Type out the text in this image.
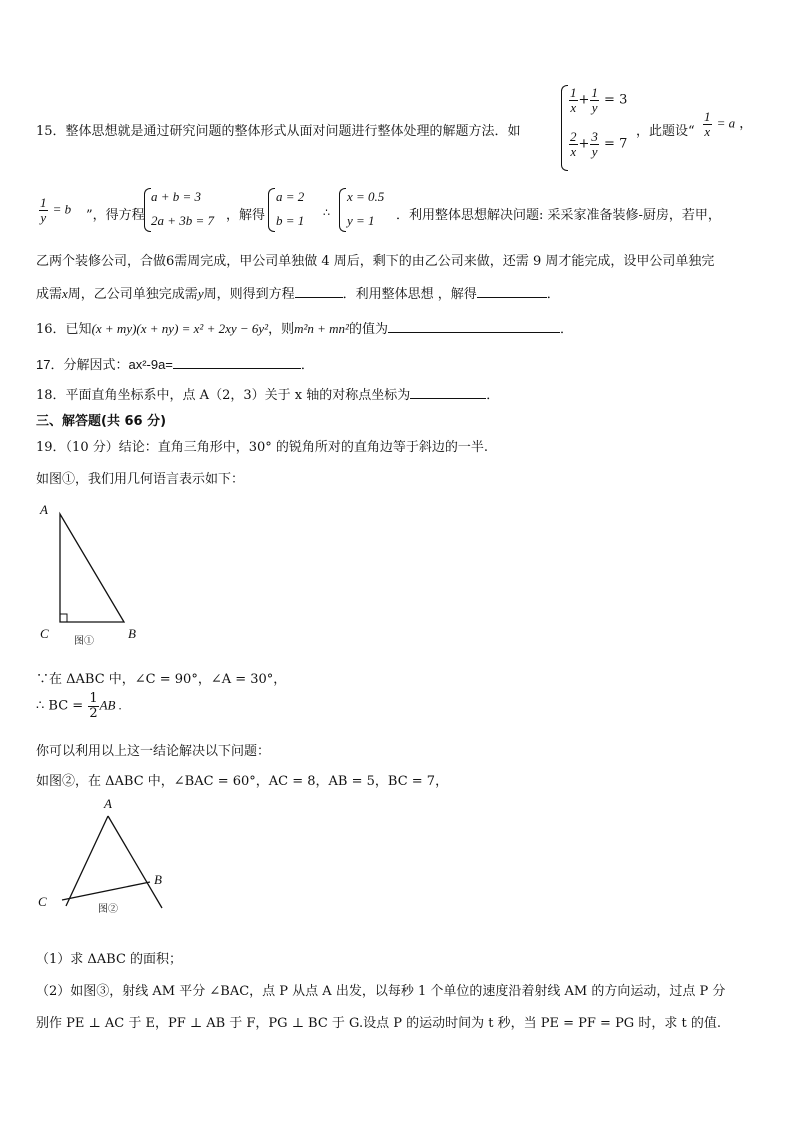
15．整体思想就是通过研究问题的整体形式从面对问题进行整体处理的解题方法．如
$\frac{1}{x} + \frac{1}{y} = 3$
$\frac{2}{x} + \frac{3}{y} = 7$
，此题设“ $\frac{1}{x} = a$ ，
$\frac{1}{y} = b$ ”，得方程
a + b = 3
2a + 3b = 7 ，解得
a = 2
b = 1
∴
x = 0.5
y = 1 ．利用整体思想解决问题: 采采家准备装修-厨房，若甲，
乙两个装修公司，合做6需周完成，甲公司单独做 4 周后，剩下的由乙公司来做，还需 9 周才能完成，设甲公司单独完
成需x周，乙公司单独完成需y周，则得到方程	．利用整体思想 ，解得	．
16．已知(x + my)(x + ny) = x² + 2xy − 6y²，则m²n + mn²的值为	．
17．分解因式：ax²-9a=	．
18．平面直角坐标系中，点 A（2，3）关于 x 轴的对称点坐标为	．
三、解答题(共 66 分)
19．（10 分）结论：直角三角形中，30° 的锐角所对的直角边等于斜边的一半.
如图①，我们用几何语言表示如下：
A
C	B
图①
∵在 ΔABC 中，∠C = 90°，∠A = 30°，
∴ BC = $\frac{1}{2}$ AB .
你可以利用以上这一结论解决以下问题：
如图②，在 ΔABC 中，∠BAC = 60°，AC = 8，AB = 5，BC = 7，
A
B
C
图②
（1）求 ΔABC 的面积；
（2）如图③，射线 AM 平分 ∠BAC，点 P 从点 A 出发，以每秒 1 个单位的速度沿着射线 AM 的方向运动，过点 P 分
别作 PE ⊥ AC 于 E，PF ⊥ AB 于 F，PG ⊥ BC 于 G.设点 P 的运动时间为 t 秒，当 PE = PF = PG 时，求 t 的值.
